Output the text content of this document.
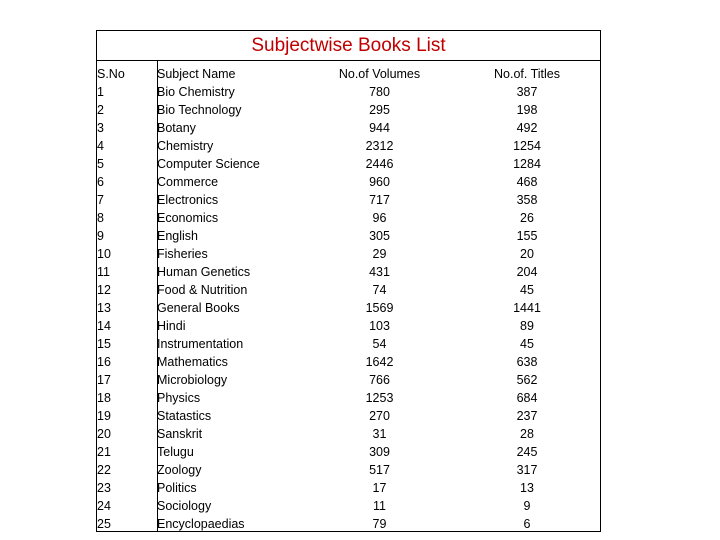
Subjectwise Books List
S.No	Subject Name	No.of Volumes	No.of. Titles
1	Bio Chemistry	780	387
2	Bio Technology	295	198
3	Botany	944	492
4	Chemistry	2312	1254
5	Computer Science	2446	1284
6	Commerce	960	468
7	Electronics	717	358
8	Economics	96	26
9	English	305	155
10	Fisheries	29	20
11	Human Genetics	431	204
12	Food & Nutrition	74	45
13	General Books	1569	1441
14	Hindi	103	89
15	Instrumentation	54	45
16	Mathematics	1642	638
17	Microbiology	766	562
18	Physics	1253	684
19	Statastics	270	237
20	Sanskrit	31	28
21	Telugu	309	245
22	Zoology	517	317
23	Politics	17	13
24	Sociology	11	9
25	Encyclopaedias	79	6
